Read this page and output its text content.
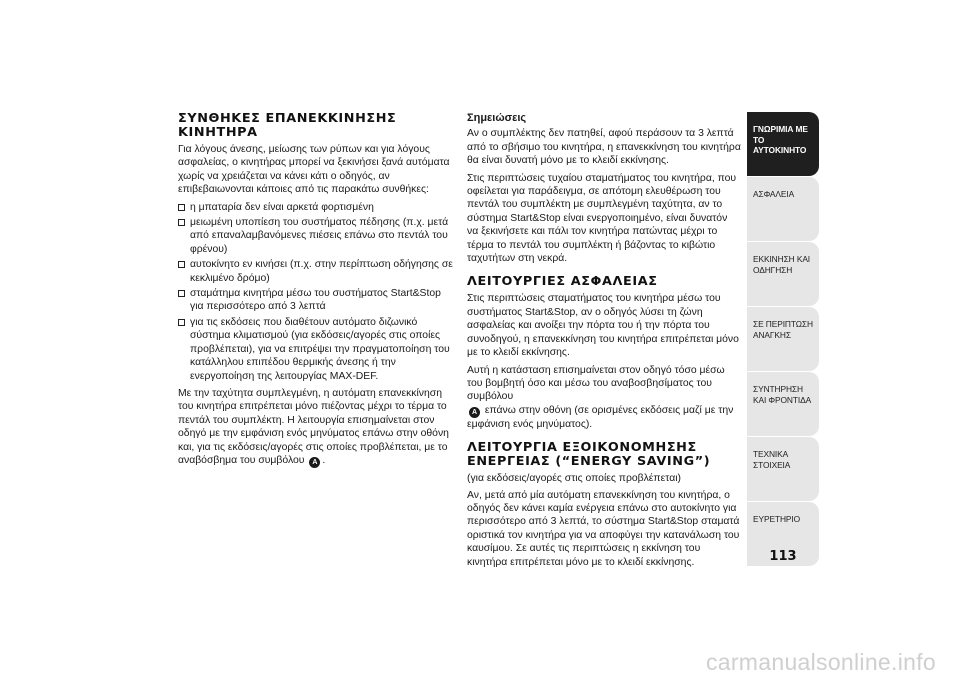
ΣΥΝΘΗΚΕΣ ΕΠΑΝΕΚΚΙΝΗΣΗΣ ΚΙΝΗΤΗΡΑ

Για λόγους άνεσης, μείωσης των ρύπων και για λόγους ασφαλείας, ο κινητήρας μπορεί να ξεκινήσει ξανά αυτόματα χωρίς να χρειάζεται να κάνει κάτι ο οδηγός, αν επιβεβαιωνονται κάποιες από τις παρακάτω συνθήκες:

η μπαταρία δεν είναι αρκετά φορτισμένη
μειωμένη υποπίεση του συστήματος πέδησης (π.χ. μετά από επαναλαμβανόμενες πιέσεις επάνω στο πεντάλ του φρένου)
αυτοκίνητο εν κινήσει (π.χ. στην περίπτωση οδήγησης σε κεκλιμένο δρόμο)
σταμάτημα κινητήρα μέσω του συστήματος Start&Stop για περισσότερο από 3 λεπτά
για τις εκδόσεις που διαθέτουν αυτόματο διζωνικό σύστημα κλιματισμού (για εκδόσεις/αγορές στις οποίες προβλέπεται), για να επιτρέψει την πραγματοποίηση του κατάλληλου επιπέδου θερμικής άνεσης ή την ενεργοποίηση της λειτουργίας MAX-DEF.

Με την ταχύτητα συμπλεγμένη, η αυτόματη επανεκκίνηση του κινητήρα επιτρέπεται μόνο πιέζοντας μέχρι το τέρμα το πεντάλ του συμπλέκτη. Η λειτουργία επισημαίνεται στον οδηγό με την εμφάνιση ενός μηνύματος επάνω στην οθόνη και, για τις εκδόσεις/αγορές στις οποίες προβλέπεται, με το αναβόσβημα του συμβόλου A .

Σημειώσεις

Αν ο συμπλέκτης δεν πατηθεί, αφού περάσουν τα 3 λεπτά από το σβήσιμο του κινητήρα, η επανεκκίνηση του κινητήρα θα είναι δυνατή μόνο με το κλειδί εκκίνησης.

Στις περιπτώσεις τυχαίου σταματήματος του κινητήρα, που οφείλεται για παράδειγμα, σε απότομη ελευθέρωση του πεντάλ του συμπλέκτη με συμπλεγμένη ταχύτητα, αν το σύστημα Start&Stop είναι ενεργοποιημένο, είναι δυνατόν να ξεκινήσετε και πάλι τον κινητήρα πατώντας μέχρι το τέρμα το πεντάλ του συμπλέκτη ή βάζοντας το κιβώτιο ταχυτήτων στη νεκρά.

ΛΕΙΤΟΥΡΓΙΕΣ ΑΣΦΑΛΕΙΑΣ

Στις περιπτώσεις σταματήματος του κινητήρα μέσω του συστήματος Start&Stop, αν ο οδηγός λύσει τη ζώνη ασφαλείας και ανοίξει την πόρτα του ή την πόρτα του συνοδηγού, η επανεκκίνηση του κινητήρα επιτρέπεται μόνο με το κλειδί εκκίνησης.

Αυτή η κατάσταση επισημαίνεται στον οδηγό τόσο μέσω του βομβητή όσο και μέσω του αναβοσβησίματος του συμβόλου
A επάνω στην οθόνη (σε ορισμένες εκδόσεις μαζί με την εμφάνιση ενός μηνύματος).

ΛΕΙΤΟΥΡΓΙΑ ΕΞΟΙΚΟΝΟΜΗΣΗΣ
ΕΝΕΡΓΕΙΑΣ (“ENERGY SAVING”)

(για εκδόσεις/αγορές στις οποίες προβλέπεται)

Αν, μετά από μία αυτόματη επανεκκίνηση του κινητήρα, ο οδηγός δεν κάνει καμία ενέργεια επάνω στο αυτοκίνητο για περισσότερο από 3 λεπτά, το σύστημα Start&Stop σταματά οριστικά τον κινητήρα για να αποφύγει την κατανάλωση του καυσίμου. Σε αυτές τις περιπτώσεις η εκκίνηση του κινητήρα επιτρέπεται μόνο με το κλειδί εκκίνησης.

ΓΝΩΡΙΜΙΑ ΜΕ ΤΟ ΑΥΤΟΚΙΝΗΤΟ
ΑΣΦΑΛΕΙΑ
ΕΚΚΙΝΗΣΗ ΚΑΙ ΟΔΗΓΗΣΗ
ΣΕ ΠΕΡΙΠΤΩΣΗ ΑΝΑΓΚΗΣ
ΣΥΝΤΗΡΗΣΗ ΚΑΙ ΦΡΟΝΤΙΔΑ
ΤΕΧΝΙΚΑ ΣΤΟΙΧΕΙΑ
ΕΥΡΕΤΗΡΙΟ
113
carmanualsonline.info
